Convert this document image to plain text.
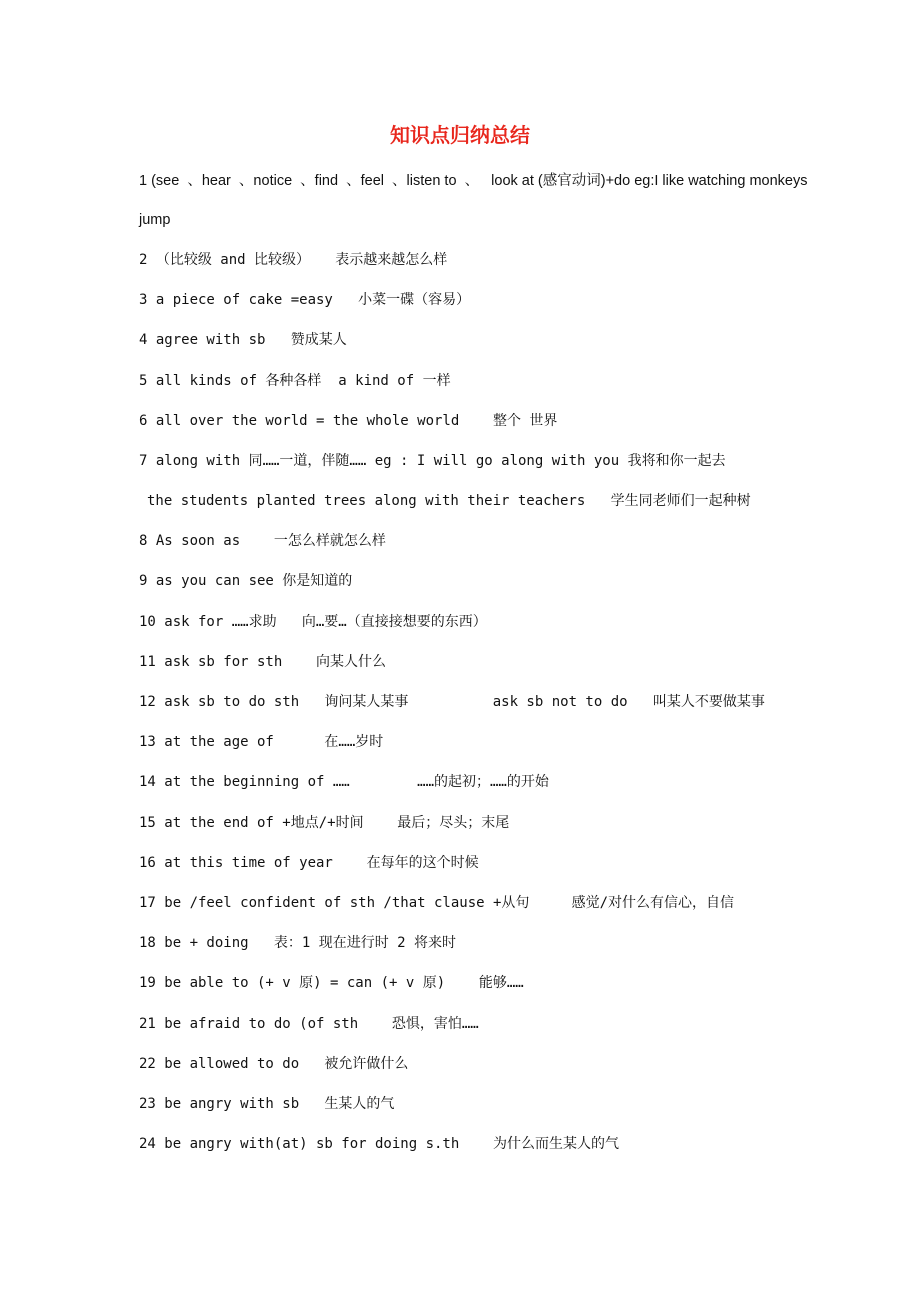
知识点归纳总结
1 (see  、hear  、notice  、find  、feel  、listen to  、   look at (感官动词)+do eg:I like watching monkeys
jump
2 （比较级 and 比较级）   表示越来越怎么样
3 a piece of cake =easy   小菜一碟（容易）
4 agree with sb   赞成某人
5 all kinds of 各种各样  a kind of 一样
6 all over the world = the whole world    整个 世界
7 along with 同……一道，伴随…… eg : I will go along with you 我将和你一起去
the students planted trees along with their teachers   学生同老师们一起种树
8 As soon as    一怎么样就怎么样
9 as you can see 你是知道的
10 ask for ……求助   向…要…（直接接想要的东西）
11 ask sb for sth    向某人什么
12 ask sb to do sth   询问某人某事          ask sb not to do   叫某人不要做某事
13 at the age of      在……岁时
14 at the beginning of ……        ……的起初；……的开始
15 at the end of +地点/+时间    最后；尽头；末尾
16 at this time of year    在每年的这个时候
17 be /feel confident of sth /that clause +从句     感觉/对什么有信心，自信
18 be + doing   表：1 现在进行时 2 将来时
19 be able to (+ v 原) = can (+ v 原)    能够……
21 be afraid to do (of sth    恐惧，害怕……
22 be allowed to do   被允许做什么
23 be angry with sb   生某人的气
24 be angry with(at) sb for doing s.th    为什么而生某人的气
